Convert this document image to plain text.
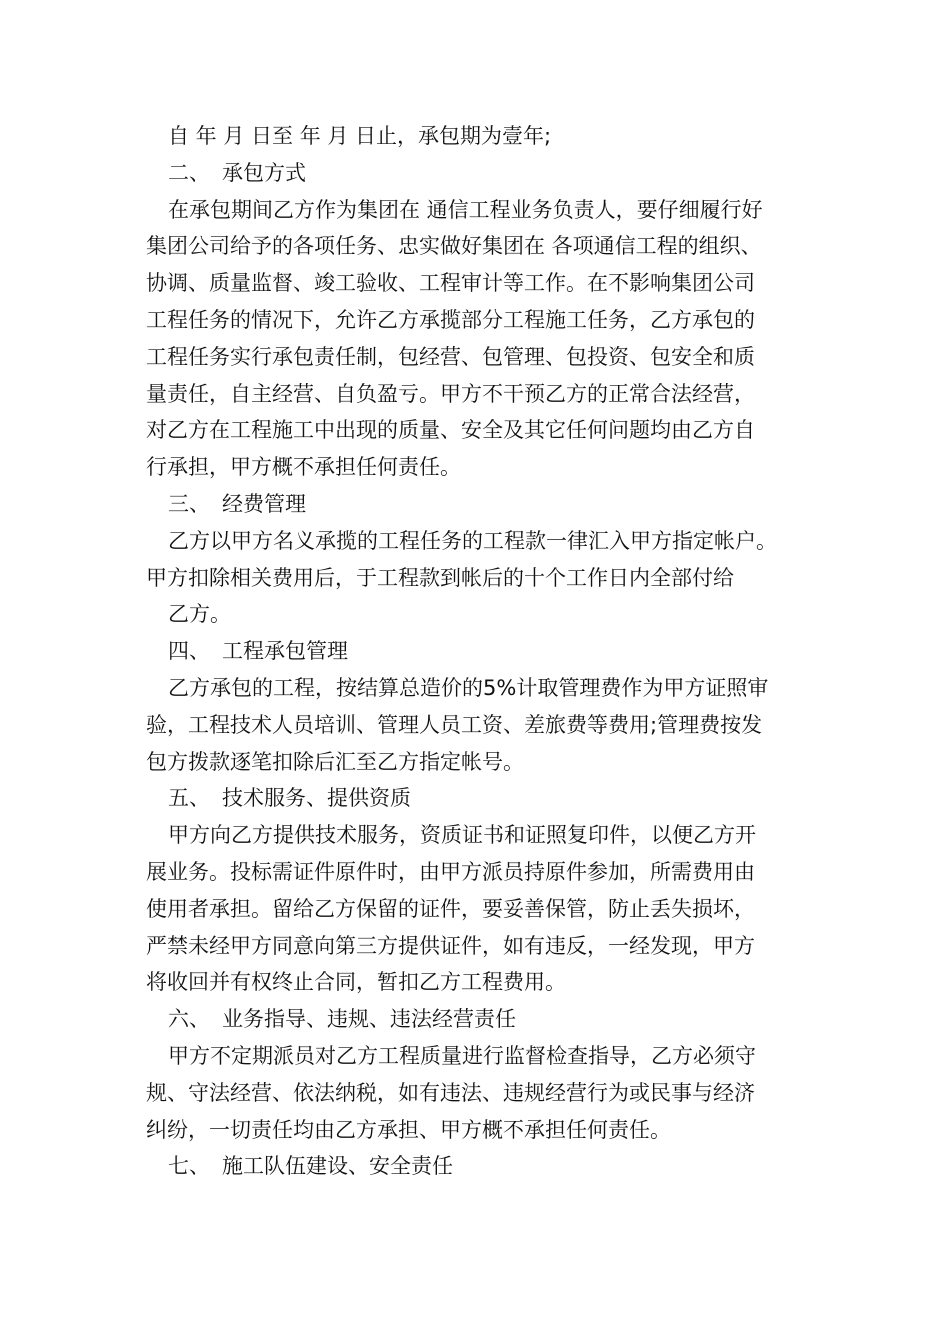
自 年 月 日至 年 月 日止，承包期为壹年;
二、 承包方式
在承包期间乙方作为集团在 通信工程业务负责人，要仔细履行好
集团公司给予的各项任务、忠实做好集团在 各项通信工程的组织、
协调、质量监督、竣工验收、工程审计等工作。在不影响集团公司
工程任务的情况下，允许乙方承揽部分工程施工任务，乙方承包的
工程任务实行承包责任制，包经营、包管理、包投资、包安全和质
量责任，自主经营、自负盈亏。甲方不干预乙方的正常合法经营，
对乙方在工程施工中出现的质量、安全及其它任何问题均由乙方自
行承担，甲方概不承担任何责任。
三、 经费管理
乙方以甲方名义承揽的工程任务的工程款一律汇入甲方指定帐户。
甲方扣除相关费用后，于工程款到帐后的十个工作日内全部付给
乙方。
四、 工程承包管理
乙方承包的工程，按结算总造价的5%计取管理费作为甲方证照审
验，工程技术人员培训、管理人员工资、差旅费等费用;管理费按发
包方拨款逐笔扣除后汇至乙方指定帐号。
五、 技术服务、提供资质
甲方向乙方提供技术服务，资质证书和证照复印件，以便乙方开
展业务。投标需证件原件时，由甲方派员持原件参加，所需费用由
使用者承担。留给乙方保留的证件，要妥善保管，防止丢失损坏，
严禁未经甲方同意向第三方提供证件，如有违反，一经发现，甲方
将收回并有权终止合同，暂扣乙方工程费用。
六、 业务指导、违规、违法经营责任
甲方不定期派员对乙方工程质量进行监督检查指导，乙方必须守
规、守法经营、依法纳税，如有违法、违规经营行为或民事与经济
纠纷，一切责任均由乙方承担、甲方概不承担任何责任。
七、 施工队伍建设、安全责任
